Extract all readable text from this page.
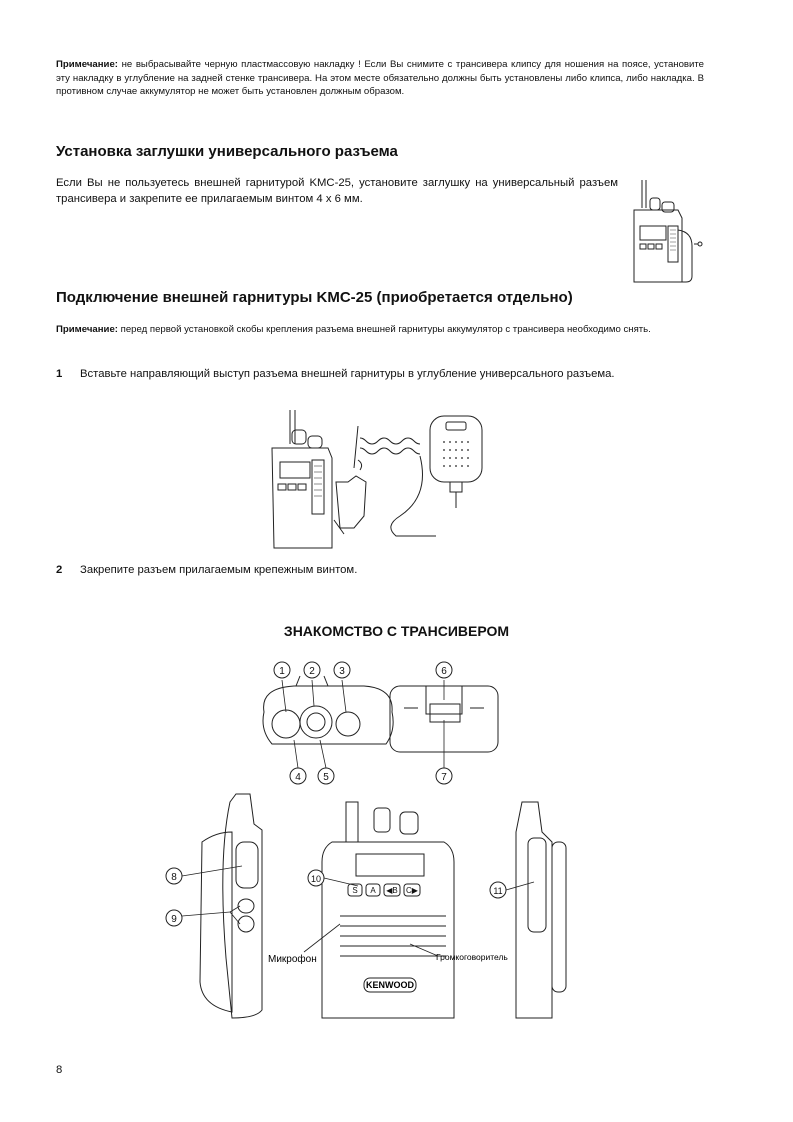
Примечание: не выбрасывайте черную пластмассовую накладку ! Если Вы снимите с трансивера клипсу для ношения на поясе, установите эту накладку в углубление на задней стенке трансивера. На этом месте обязательно должны быть установлены либо клипса, либо накладка. В противном случае аккумулятор не может быть установлен должным образом.
Установка заглушки универсального разъема
Если Вы не пользуетесь внешней гарнитурой KMC-25, установите заглушку на универсальный разъем трансивера и закрепите ее прилагаемым винтом 4 x 6 мм.
Подключение внешней гарнитуры KMC-25 (приобретается отдельно)
Примечание: перед первой установкой скобы крепления разъема внешней гарнитуры аккумулятор с трансивера необходимо снять.
1 Вставьте направляющий выступ разъема внешней гарнитуры в углубление универсального разъема.
2 Закрепите разъем прилагаемым крепежным винтом.
ЗНАКОМСТВО С ТРАНСИВЕРОМ
S A ◀B C▶
KENWOOD
1 2 3
4 5
6
7
8
9
10
11
Микрофон	Громкоговоритель
8
